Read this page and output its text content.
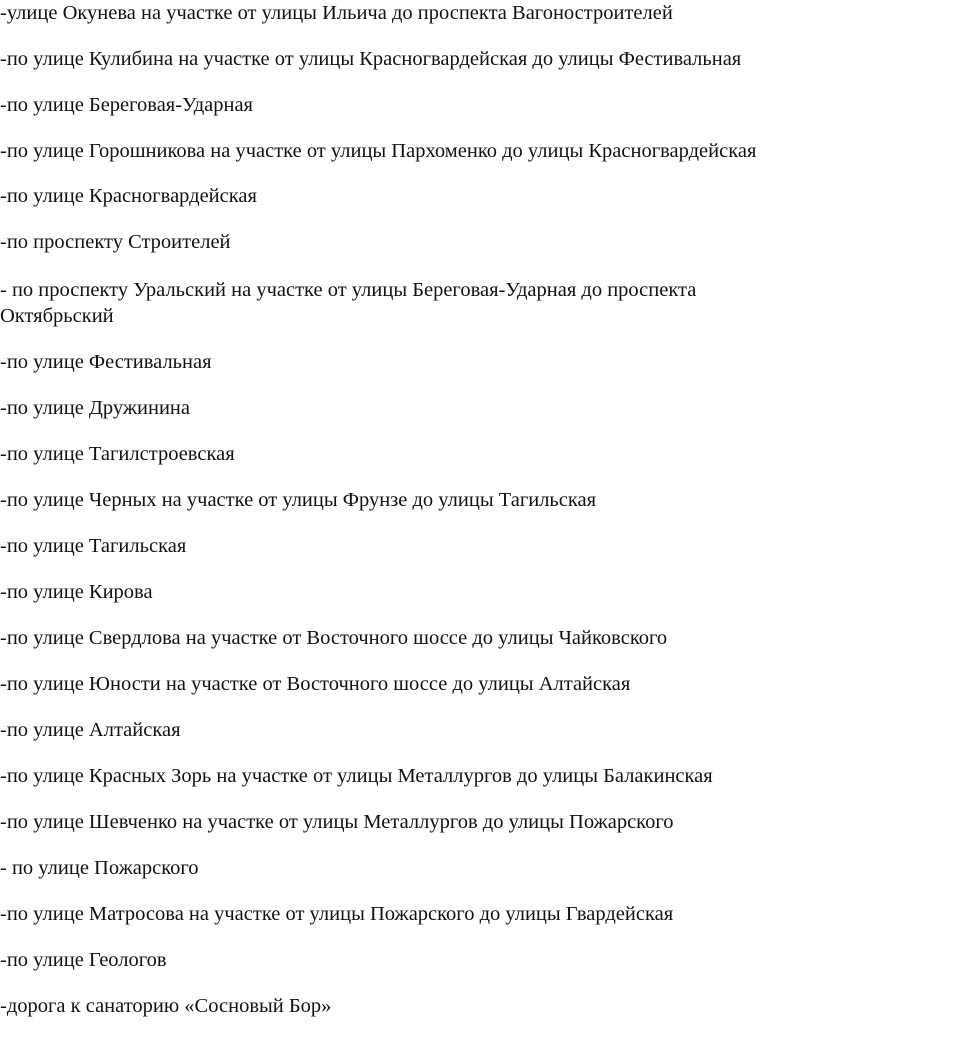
-улице Окунева на участке от улицы Ильича до проспекта Вагоностроителей
-по улице Кулибина на участке от улицы Красногвардейская до улицы Фестивальная
-по улице Береговая-Ударная
-по улице Горошникова на участке от улицы Пархоменко до улицы Красногвардейская
-по улице Красногвардейская
-по проспекту Строителей
- по проспекту Уральский на участке от улицы Береговая-Ударная до проспекта Октябрьский
-по улице Фестивальная
-по улице Дружинина
-по улице Тагилстроевская
-по улице Черных на участке от улицы Фрунзе до улицы Тагильская
-по улице Тагильская
-по улице Кирова
-по улице Свердлова на участке от Восточного шоссе до улицы Чайковского
-по улице Юности на участке от Восточного шоссе до улицы Алтайская
-по улице Алтайская
-по улице Красных Зорь на участке от улицы Металлургов до улицы Балакинская
-по улице Шевченко на участке от улицы Металлургов до улицы Пожарского
- по улице Пожарского
-по улице Матросова на участке от улицы Пожарского до улицы Гвардейская
-по улице Геологов
-дорога к санаторию «Сосновый Бор»
